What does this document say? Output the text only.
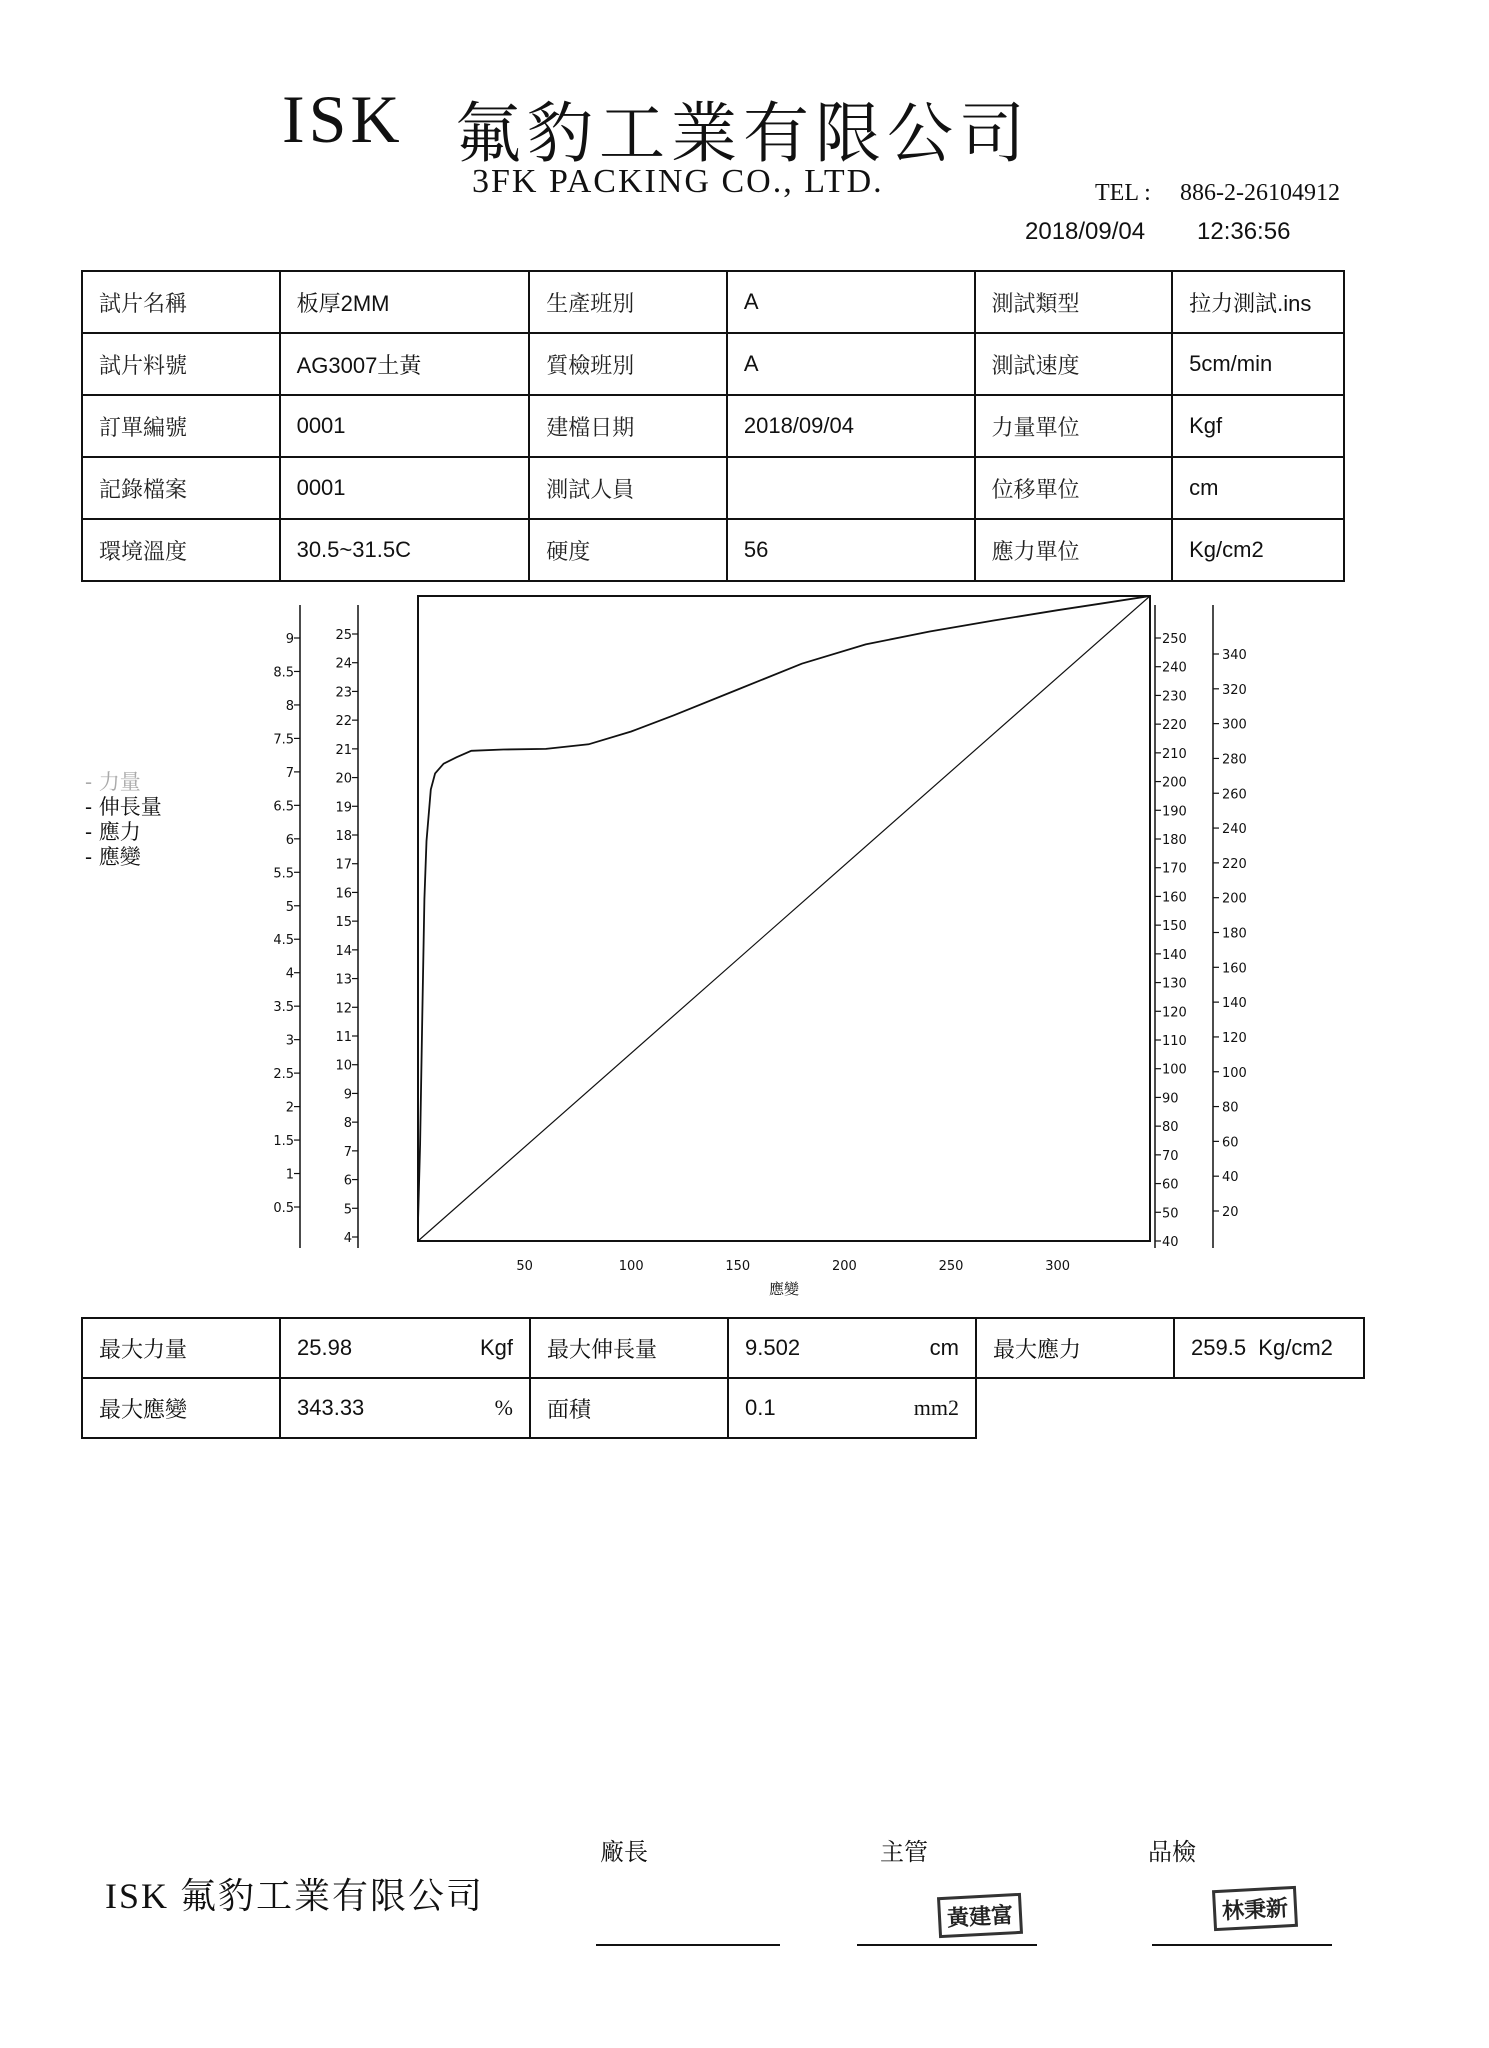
ISK 氟豹工業有限公司
3FK PACKING CO., LTD.	TEL : 886-2-26104912
2018/09/04 12:36:56
試片名稱	板厚2MM	生產班別	A	測試類型	拉力測試.ins
試片料號	AG3007土黃	質檢班別	A	測試速度	5cm/min
訂單編號	0001	建檔日期	2018/09/04	力量單位	Kgf
記錄檔案	0001	測試人員		位移單位	cm
環境溫度	30.5~31.5C	硬度	56	應力單位	Kg/cm2
- 力量
- 伸長量
- 應力
- 應變
0.5
1
1.5
2
2.5
3
3.5
4
4.5
5
5.5
6
6.5
7
7.5
8
8.5
9
4
5
6
7
8
9
10
11
12
13
14
15
16
17
18
19
20
21
22
23
24
25
40
50
60
70
80
90
100
110
120
130
140
150
160
170
180
190
200
210
220
230
240
250
20
40
60
80
100
120
140
160
180
200
220
240
260
280
300
320
340
50	100	150	200	250	300
應變
最大力量	25.98 Kgf	最大伸長量	9.502 cm	最大應力	259.5 Kg/cm2
最大應變	343.33 %	面積	0.1 mm2		

ISK 氟豹工業有限公司
廠長	主管
黃建富
品檢
林秉新
